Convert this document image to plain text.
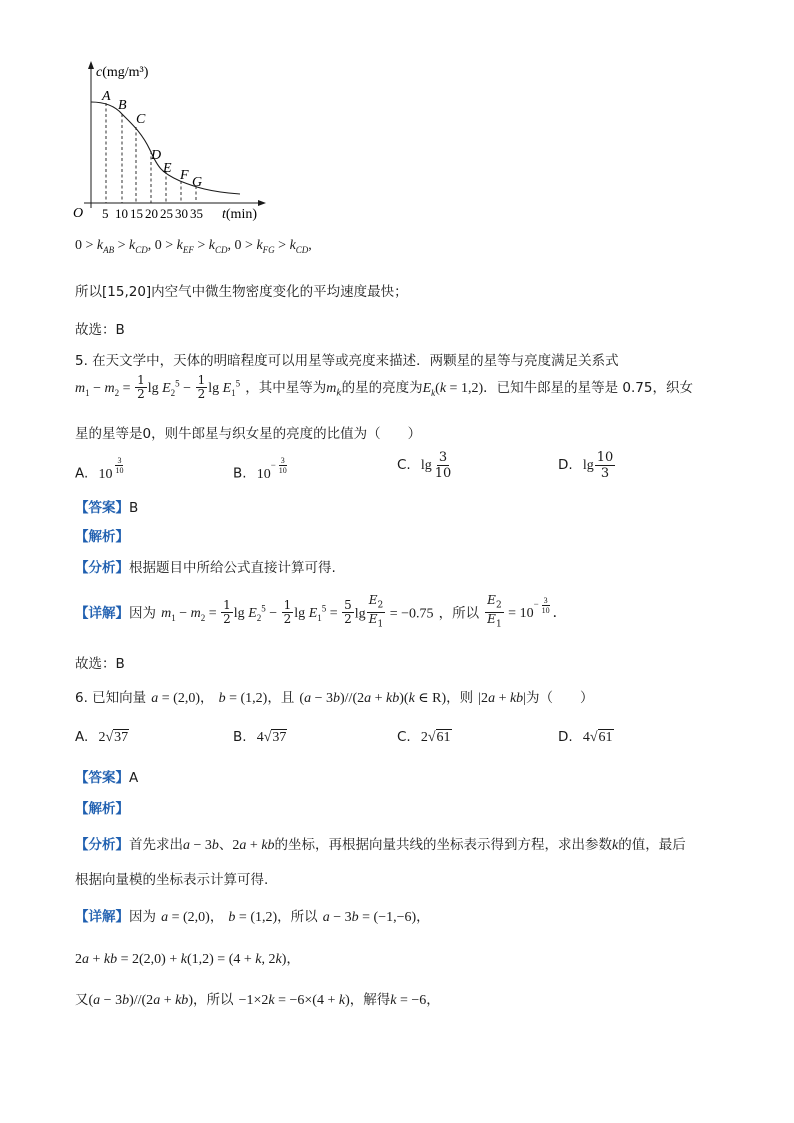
c(mg/m³)
O	t(min)
5 10 15 20 25 30 35
A
B
C
D
E F G
$0 > k_{AB} > k_{CD}$, $0 > k_{EF} > k_{CD}$, $0 > k_{FG} > k_{CD}$,
所以[15,20]内空气中微生物密度变化的平均速度最快；
故选：B
5. 在天文学中，天体的明暗程度可以用星等或亮度来描述．两颗星的星等与亮度满足关系式
$m_1 - m_2 = \frac{1}{2}$ $\lg E_2^5 - \frac{1}{2}$ $\lg E_1^5$ ，其中星等为$m_k$的星的亮度为$E_k(k = 1,2)$．已知牛郎星的星等是 0.75，织女
星的星等是0，则牛郎星与织女星的亮度的比值为（　　）
A. 10 $^{\frac{3}{10}}$	B. $10^{- \frac{3}{10}}$	C. $\lg \frac{3}{10}$	D. $\lg \frac{10}{3}$
【答案】B
【解析】
【分析】根据题目中所给公式直接计算可得.
【详解】因为 $m_1 - m_2 = \frac{1}{2}$ $\lg E_2^5 - \frac{1}{2}$ $\lg E_1^5 = \frac{5}{2}$ $\lg \frac{E_2}{E_1} = -0.75$ ，所以 $\frac{E_2}{E_1} = 10^{- \frac{3}{10}}$ ．
故选：B
6. 已知向量 a = (2,0)， b = (1,2)，且 (a − 3b)//(2a + kb)(k ∈ R)，则 |2a + kb|为（　　）
A. 2√37	B. 4√37	C. 2√61	D. 4√61
【答案】A
【解析】
【分析】首先求出a − 3b、2a + kb的坐标，再根据向量共线的坐标表示得到方程，求出参数k的值，最后
根据向量模的坐标表示计算可得.
【详解】因为 a = (2,0)， b = (1,2)，所以 a − 3b = (−1,−6)，
2a + kb = 2(2,0) + k(1,2) = (4 + k, 2k)，
又(a − 3b)//(2a + kb)，所以 −1×2k = −6×(4 + k)，解得k = −6，
